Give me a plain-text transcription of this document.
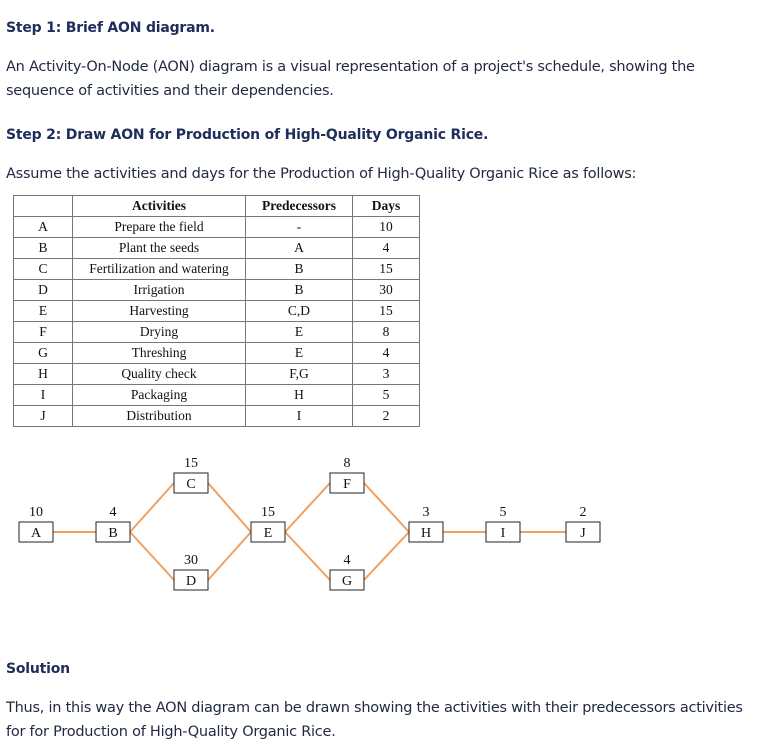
Step 1: Brief AON diagram.
An Activity-On-Node (AON) diagram is a visual representation of a project's schedule, showing the sequence of activities and their dependencies.
Step 2: Draw AON for Production of High-Quality Organic Rice.
Assume the activities and days for the Production of High-Quality Organic Rice as follows:
	Activities	Predecessors	Days
A	Prepare the field	-	10
B	Plant the seeds	A	4
C	Fertilization and watering	B	15
D	Irrigation	B	30
E	Harvesting	C,D	15
F	Drying	E	8
G	Threshing	E	4
H	Quality check	F,G	3
I	Packaging	H	5
J	Distribution	I	2
A
10
B
4
C
15
D
30
E
15
F
8
G
4
H
3
I
5
J
2
Solution
Thus, in this way the AON diagram can be drawn showing the activities with their predecessors activities for for Production of High-Quality Organic Rice.
